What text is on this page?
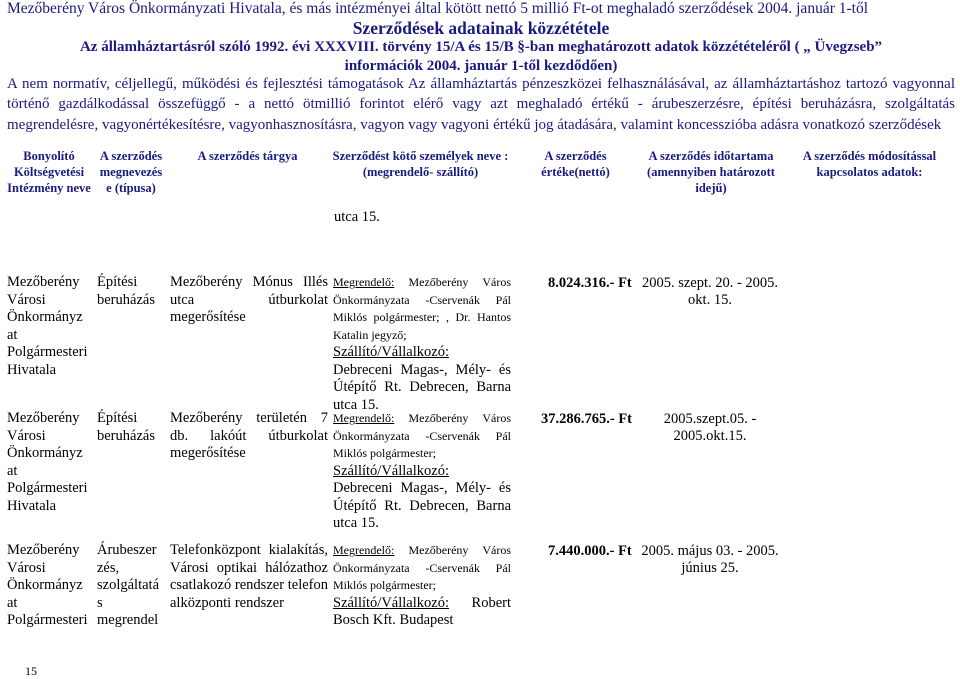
Mezőberény Város Önkormányzati Hivatala, és más intézményei által kötött nettó 5 millió Ft-ot meghaladó szerződések 2004. január 1-től
Szerződések adatainak közzététele
Az államháztartásról szóló 1992. évi XXXVIII. törvény 15/A és 15/B §-ban meghatározott adatok közzétételéről ( „ Üvegzseb”
információk 2004. január 1-től kezdődően)
A nem normatív, céljellegű, működési és fejlesztési támogatások Az államháztartás pénzeszközei felhasználásával, az államháztartáshoz tartozó vagyonnal történő gazdálkodással összefüggő - a nettó ötmillió forintot elérő vagy azt meghaladó értékű - árubeszerzésre, építési beruházásra, szolgáltatás megrendelésre, vagyonértékesítésre, vagyonhasznosításra, vagyon vagy vagyoni értékű jog átadására, valamint koncesszióba adásra vonatkozó szerződések
Bonyolító Költségvetési Intézmény neve
A szerződés megnevezés e (típusa)
A szerződés tárgya	Szerződést kötő személyek neve :
(megrendelő- szállító)
A szerződés értéke(nettó)
A szerződés időtartama (amennyiben határozott idejű)
A szerződés módosítással kapcsolatos adatok:
utca 15.
Mezőberény Városi Önkormányz at Polgármesteri Hivatala
Építési beruházás
Mezőberény Mónus Illés utca útburkolat megerősítése
Megrendelő: Mezőberény Város Önkormányzata -Cservenák Pál Miklós polgármester; , Dr. Hantos Katalin jegyző;
Szállító/Vállalkozó:
Debreceni Magas-, Mély- és Útépítő Rt. Debrecen, Barna utca 15.
8.024.316.- Ft 2005. szept. 20. - 2005. okt. 15.
Mezőberény Városi Önkormányz at Polgármesteri Hivatala
Építési beruházás
Mezőberény területén 7 db. lakóút útburkolat megerősítése
Megrendelő: Mezőberény Város Önkormányzata -Cservenák Pál Miklós polgármester;
Szállító/Vállalkozó:
Debreceni Magas-, Mély- és Útépítő Rt. Debrecen, Barna utca 15.
37.286.765.- Ft	2005.szept.05. - 2005.okt.15.
Mezőberény Városi Önkormányz at Polgármesteri
Árubeszer zés, szolgáltatá s megrendel
Telefonközpont kialakítás, Városi optikai hálózathoz csatlakozó rendszer telefon alközponti rendszer
Megrendelő: Mezőberény Város Önkormányzata -Cservenák Pál Miklós polgármester;
Szállító/Vállalkozó: Robert Bosch Kft. Budapest
7.440.000.- Ft 2005. május 03. - 2005. június 25.
15
